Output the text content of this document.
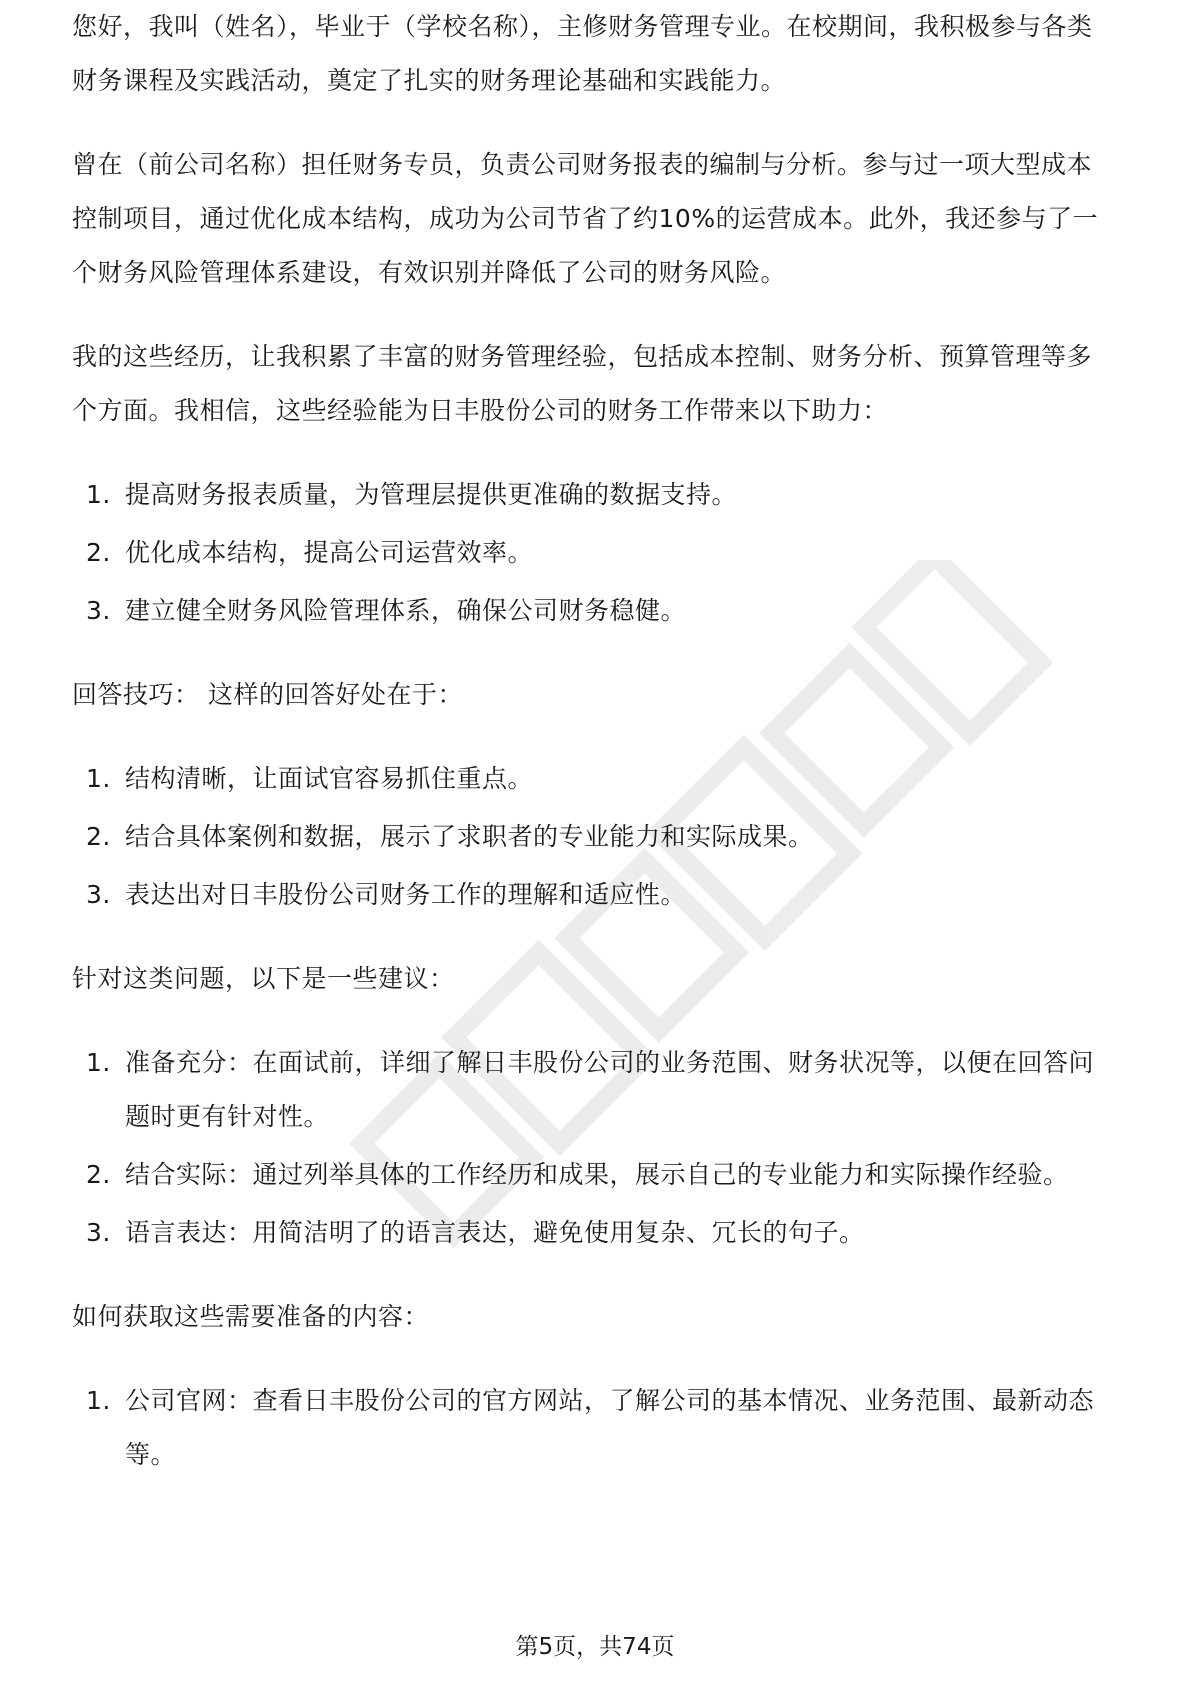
您好，我叫（姓名），毕业于（学校名称），主修财务管理专业。在校期间，我积极参与各类财务课程及实践活动，奠定了扎实的财务理论基础和实践能力。

曾在（前公司名称）担任财务专员，负责公司财务报表的编制与分析。参与过一项大型成本控制项目，通过优化成本结构，成功为公司节省了约10%的运营成本。此外，我还参与了一个财务风险管理体系建设，有效识别并降低了公司的财务风险。

我的这些经历，让我积累了丰富的财务管理经验，包括成本控制、财务分析、预算管理等多个方面。我相信，这些经验能为日丰股份公司的财务工作带来以下助力：

1. 提高财务报表质量，为管理层提供更准确的数据支持。
2. 优化成本结构，提高公司运营效率。
3. 建立健全财务风险管理体系，确保公司财务稳健。

回答技巧： 这样的回答好处在于：

1. 结构清晰，让面试官容易抓住重点。
2. 结合具体案例和数据，展示了求职者的专业能力和实际成果。
3. 表达出对日丰股份公司财务工作的理解和适应性。

针对这类问题，以下是一些建议：

1. 准备充分：在面试前，详细了解日丰股份公司的业务范围、财务状况等，以便在回答问题时更有针对性。
2. 结合实际：通过列举具体的工作经历和成果，展示自己的专业能力和实际操作经验。
3. 语言表达：用简洁明了的语言表达，避免使用复杂、冗长的句子。

如何获取这些需要准备的内容：

1. 公司官网：查看日丰股份公司的官方网站，了解公司的基本情况、业务范围、最新动态等。
第5页，共74页
